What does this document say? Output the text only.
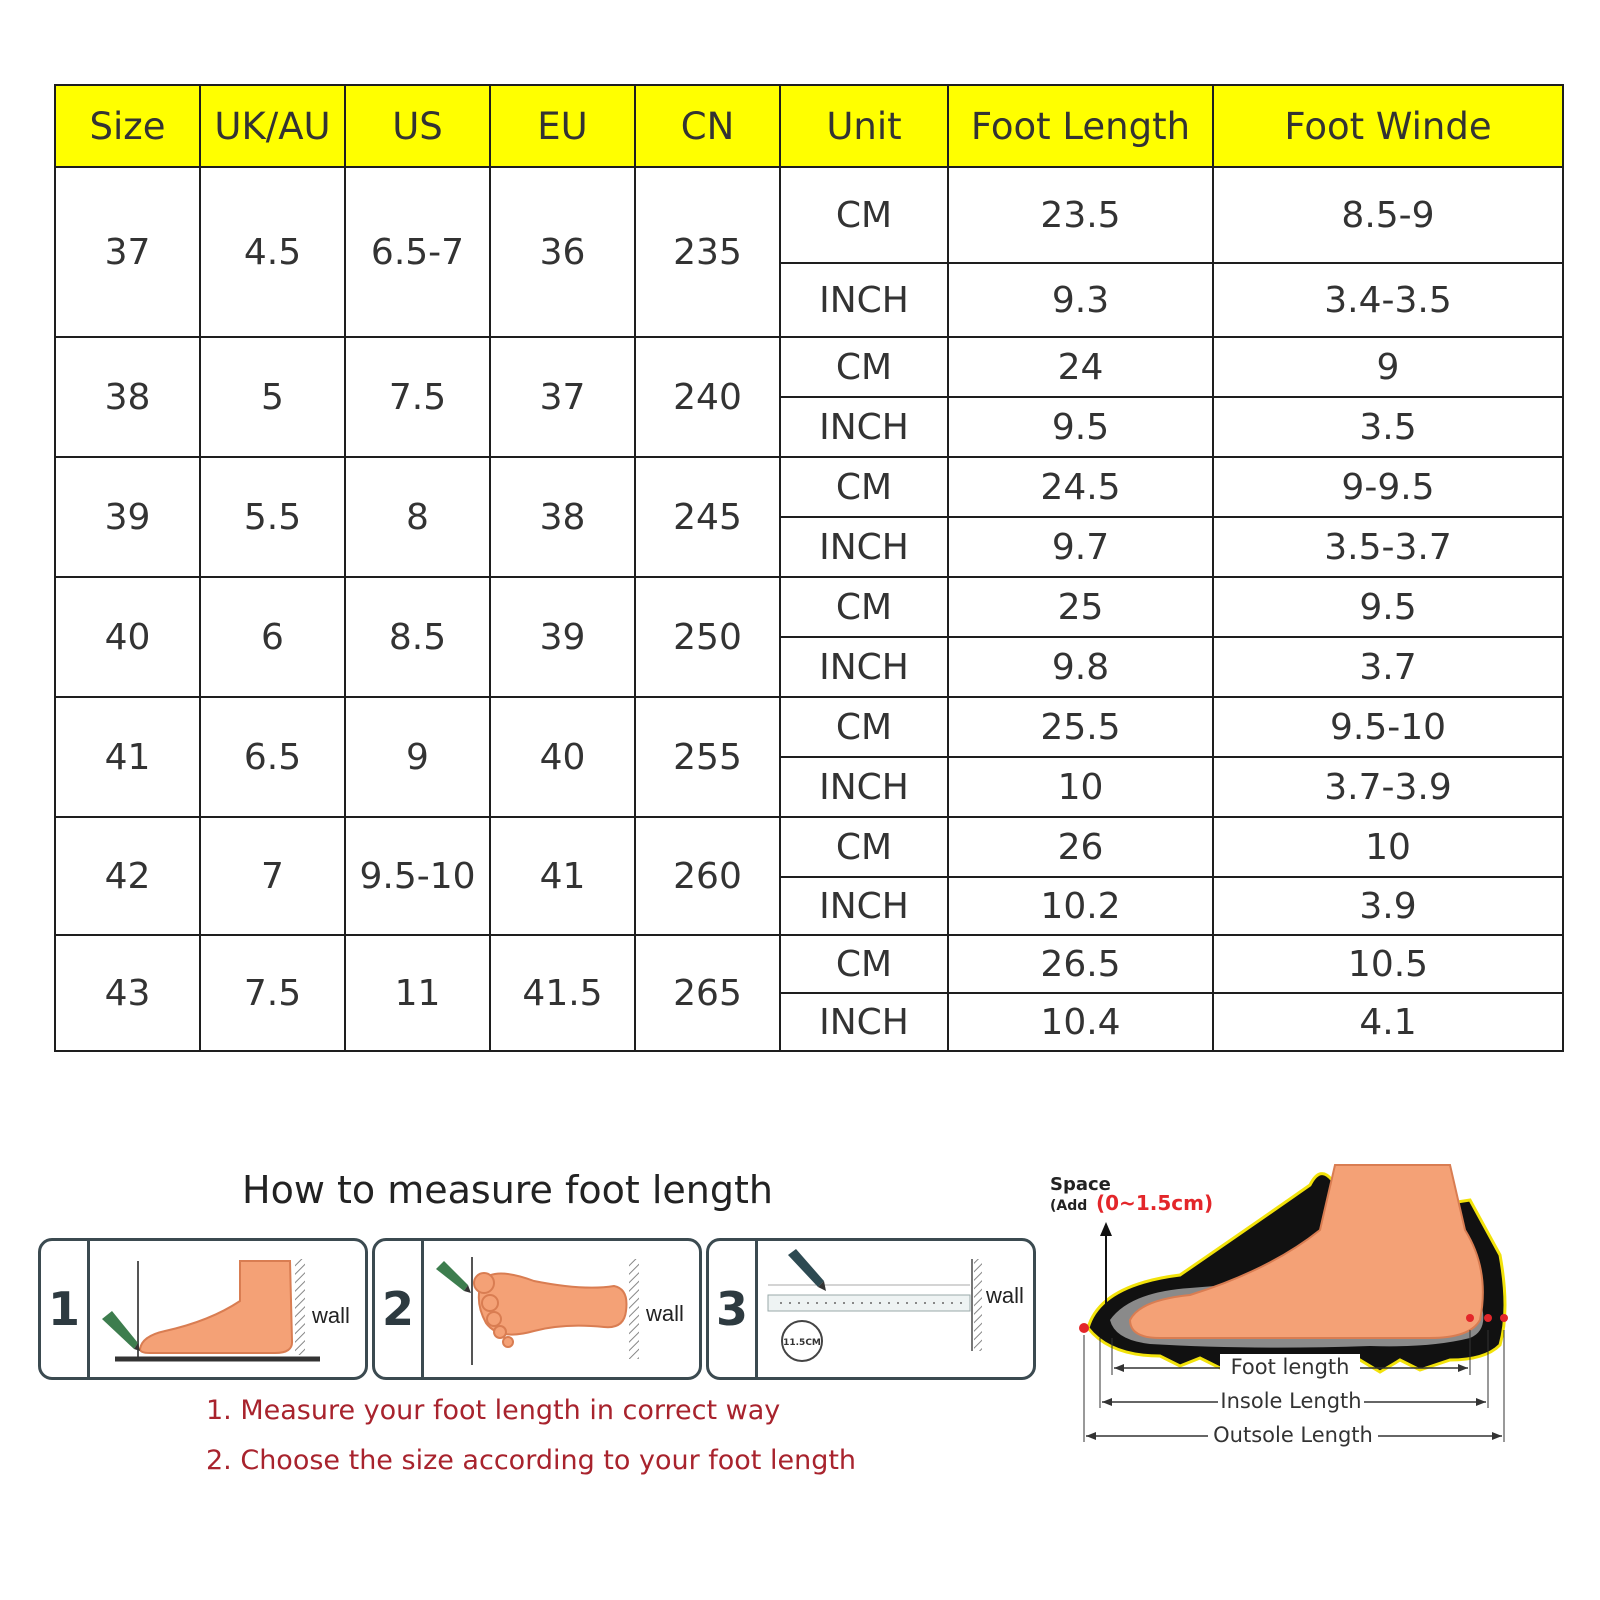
Size	UK/AU	US	EU	CN	Unit	Foot Length	Foot Winde
37	4.5	6.5-7	36	235	CM	23.5	8.5-9
					INCH	9.3	3.4-3.5
38	5	7.5	37	240	CM	24	9
					INCH	9.5	3.5
39	5.5	8	38	245	CM	24.5	9-9.5
					INCH	9.7	3.5-3.7
40	6	8.5	39	250	CM	25	9.5
					INCH	9.8	3.7
41	6.5	9	40	255	CM	25.5	9.5-10
					INCH	10	3.7-3.9
42	7	9.5-10	41	260	CM	26	10
					INCH	10.2	3.9
43	7.5	11	41.5	265	CM	26.5	10.5
					INCH	10.4	4.1
How to measure foot length
1	wall 2	wall 3
11.5CM
wall
1. Measure your foot length in correct way
2. Choose the size according to your foot length
Space
(Add (0~1.5cm)
Foot length
Insole Length
Outsole Length
